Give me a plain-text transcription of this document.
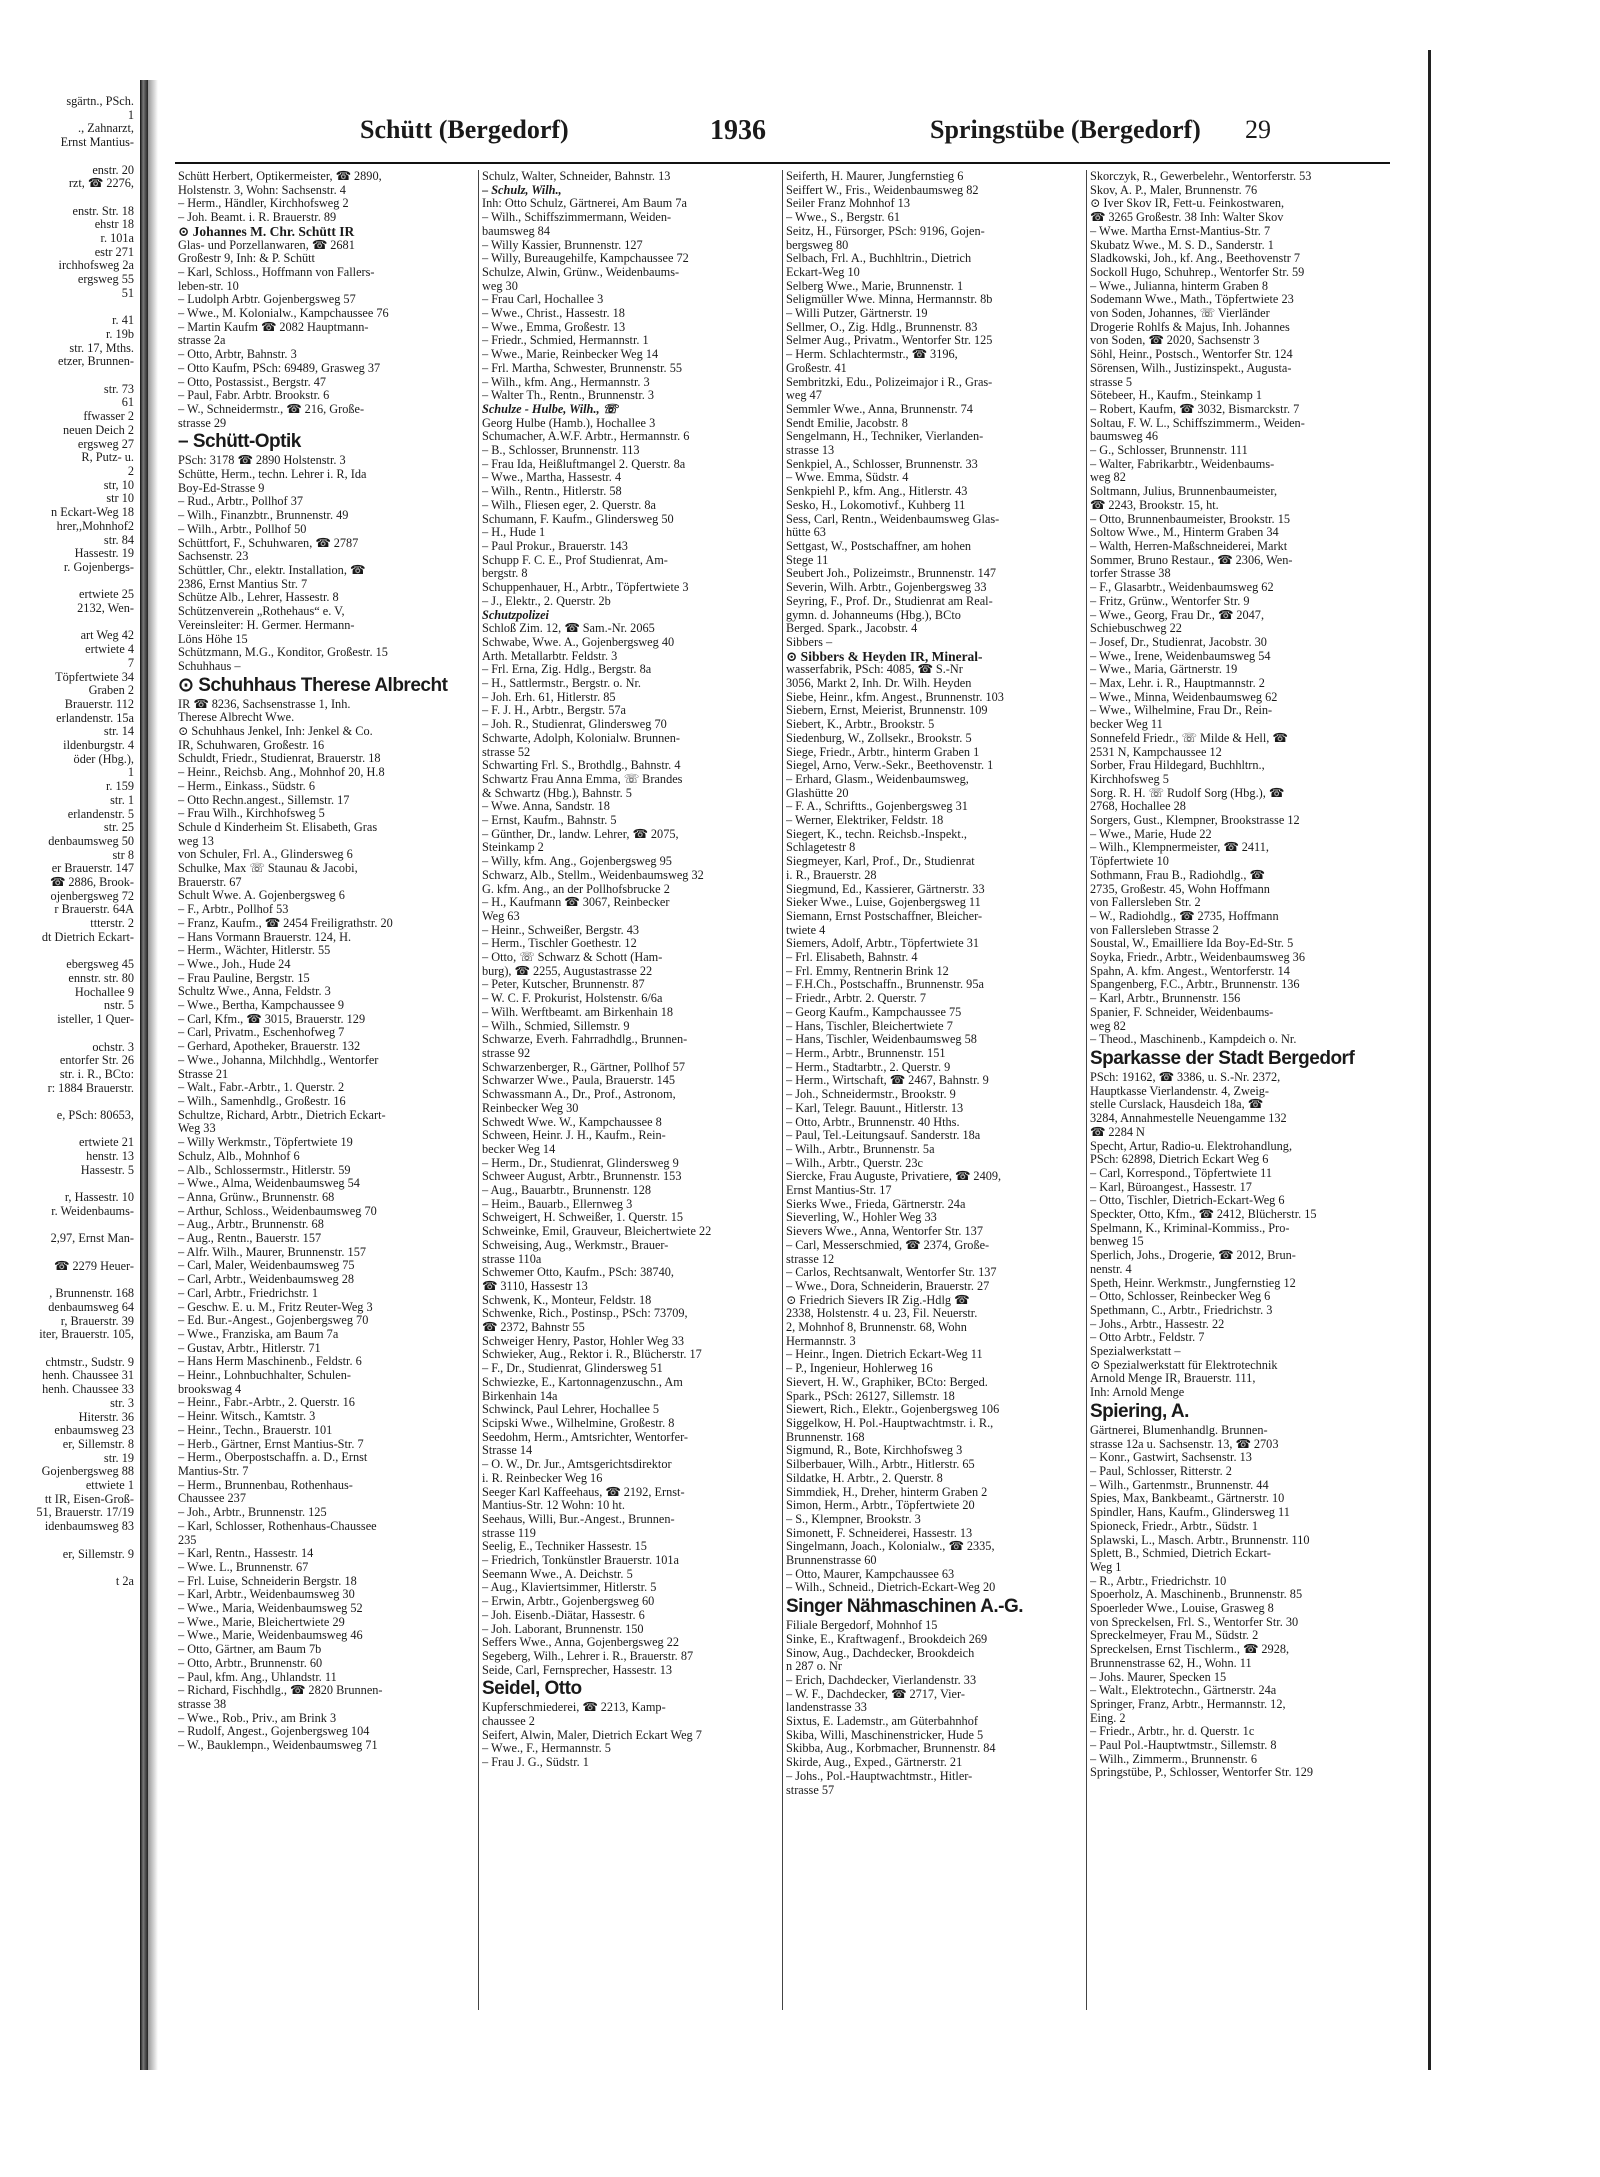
sgärtn., PSch.
1
., Zahnarzt,
Ernst Mantius-

enstr. 20
rzt, ☎ 2276,

enstr. Str. 18
ehstr 18
r. 101a
estr 271
irchhofsweg 2a
ergsweg 55
51

r. 41
r. 19b
str. 17, Mths.
etzer, Brunnen-

str. 73
61
ffwasser 2
neuen Deich 2
ergsweg 27
R, Putz- u.
2
str, 10
str 10
n Eckart-Weg 18
hrer,,Mohnhof2
str. 84
Hassestr. 19
r. Gojenbergs-

ertwiete 25
2132, Wen-

art Weg 42
ertwiete 4
7
Töpfertwiete 34
Graben 2
Brauerstr. 112
erlandenstr. 15a
str. 14
ildenburgstr. 4
öder (Hbg.),
1
r. 159
str. 1
erlandenstr. 5
str. 25
denbaumsweg 50
str 8
er Brauerstr. 147
☎ 2886, Brook-
ojenbergsweg 72
r Brauerstr. 64A
ttterstr. 2
dt Dietrich Eckart-

ebergsweg 45
ennstr. str. 80
Hochallee 9
nstr. 5
isteller, 1 Quer-

ochstr. 3
entorfer Str. 26
str. i. R., BCto:
r: 1884 Brauerstr.

e, PSch: 80653,

ertwiete 21
henstr. 13
Hassestr. 5

r, Hassestr. 10
r. Weidenbaums-

2,97, Ernst Man-

☎ 2279 Heuer-

, Brunnenstr. 168
denbaumsweg 64
r, Brauerstr. 39
iter, Brauerstr. 105,

chtmstr., Sudstr. 9
henh. Chaussee 31
henh. Chaussee 33
str. 3
Hiterstr. 36
enbaumsweg 23
er, Sillemstr. 8
str. 19
Gojenbergsweg 88
ettwiete 1
tt IR, Eisen-Groß-
51, Brauerstr. 17/19
idenbaumsweg 83

er, Sillemstr. 9

t 2a
Schütt (Bergedorf)	1936	Springstübe (Bergedorf) 29
Schütt Herbert, Optikermeister, ☎ 2890,
Holstenstr. 3, Wohn: Sachsenstr. 4
– Herm., Händler, Kirchhofsweg 2
– Joh. Beamt. i. R. Brauerstr. 89
⊙ Johannes M. Chr. Schütt IR
Glas- und Porzellanwaren, ☎ 2681
Großestr 9, Inh: & P. Schütt
– Karl, Schloss., Hoffmann von Fallers-
leben-str. 10
– Ludolph Arbtr. Gojenbergsweg 57
– Wwe., M. Kolonialw., Kampchaussee 76
– Martin Kaufm ☎ 2082 Hauptmann-
strasse 2a
– Otto, Arbtr, Bahnstr. 3
– Otto Kaufm, PSch: 69489, Grasweg 37
– Otto, Postassist., Bergstr. 47
– Paul, Fabr. Arbtr. Brookstr. 6
– W., Schneidermstr., ☎ 216, Große-
strasse 29
– Schütt-Optik
PSch: 3178 ☎ 2890 Holstenstr. 3
Schütte, Herm., techn. Lehrer i. R, Ida
Boy-Ed-Strasse 9
– Rud., Arbtr., Pollhof 37
– Wilh., Finanzbtr., Brunnenstr. 49
– Wilh., Arbtr., Pollhof 50
Schüttfort, F., Schuhwaren, ☎ 2787
Sachsenstr. 23
Schüttler, Chr., elektr. Installation, ☎
2386, Ernst Mantius Str. 7
Schütze Alb., Lehrer, Hassestr. 8
Schützenverein „Rothehaus“ e. V,
Vereinsleiter: H. Germer. Hermann-
Löns Höhe 15
Schützmann, M.G., Konditor, Großestr. 15
Schuhhaus –
⊙ Schuhhaus Therese Albrecht
IR ☎ 8236, Sachsenstrasse 1, Inh.
Therese Albrecht Wwe.
⊙ Schuhhaus Jenkel, Inh: Jenkel & Co.
IR, Schuhwaren, Großestr. 16
Schuldt, Friedr., Studienrat, Brauerstr. 18
– Heinr., Reichsb. Ang., Mohnhof 20, H.8
– Herm., Einkass., Südstr. 6
– Otto Rechn.angest., Sillemstr. 17
– Frau Wilh., Kirchhofsweg 5
Schule d Kinderheim St. Elisabeth, Gras
weg 13
von Schuler, Frl. A., Glindersweg 6
Schulke, Max ☏ Staunau & Jacobi,
Brauerstr. 67
Schult Wwe. A. Gojenbergsweg 6
– F., Arbtr., Pollhof 53
– Franz, Kaufm., ☎ 2454 Freiligrathstr. 20
– Hans Vormann Brauerstr. 124, H.
– Herm., Wächter, Hitlerstr. 55
– Wwe., Joh., Hude 24
– Frau Pauline, Bergstr. 15
Schultz Wwe., Anna, Feldstr. 3
– Wwe., Bertha, Kampchaussee 9
– Carl, Kfm., ☎ 3015, Brauerstr. 129
– Carl, Privatm., Eschenhofweg 7
– Gerhard, Apotheker, Brauerstr. 132
– Wwe., Johanna, Milchhdlg., Wentorfer
Strasse 21
– Walt., Fabr.-Arbtr., 1. Querstr. 2
– Wilh., Samenhdlg., Großestr. 16
Schultze, Richard, Arbtr., Dietrich Eckart-
Weg 33
– Willy Werkmstr., Töpfertwiete 19
Schulz, Alb., Mohnhof 6
– Alb., Schlossermstr., Hitlerstr. 59
– Wwe., Alma, Weidenbaumsweg 54
– Anna, Grünw., Brunnenstr. 68
– Arthur, Schloss., Weidenbaumsweg 70
– Aug., Arbtr., Brunnenstr. 68
– Aug., Rentn., Bauerstr. 157
– Alfr. Wilh., Maurer, Brunnenstr. 157
– Carl, Maler, Weidenbaumsweg 75
– Carl, Arbtr., Weidenbaumsweg 28
– Carl, Arbtr., Friedrichstr. 1
– Geschw. E. u. M., Fritz Reuter-Weg 3
– Ed. Bur.-Angest., Gojenbergsweg 70
– Wwe., Franziska, am Baum 7a
– Gustav, Arbtr., Hitlerstr. 71
– Hans Herm Maschinenb., Feldstr. 6
– Heinr., Lohnbuchhalter, Schulen-
brookswag 4
– Heinr., Fabr.-Arbtr., 2. Querstr. 16
– Heinr. Witsch., Kamtstr. 3
– Heinr., Techn., Brauerstr. 101
– Herb., Gärtner, Ernst Mantius-Str. 7
– Herm., Oberpostschaffn. a. D., Ernst
Mantius-Str. 7
– Herm., Brunnenbau, Rothenhaus-
Chaussee 237
– Joh., Arbtr., Brunnenstr. 125
– Karl, Schlosser, Rothenhaus-Chaussee
235
– Karl, Rentn., Hassestr. 14
– Wwe. L., Brunnenstr. 67
– Frl. Luise, Schneiderin Bergstr. 18
– Karl, Arbtr., Weidenbaumsweg 30
– Wwe., Maria, Weidenbaumsweg 52
– Wwe., Marie, Bleichertwiete 29
– Wwe., Marie, Weidenbaumsweg 46
– Otto, Gärtner, am Baum 7b
– Otto, Arbtr., Brunnenstr. 60
– Paul, kfm. Ang., Uhlandstr. 11
– Richard, Fischhdlg., ☎ 2820 Brunnen-
strasse 38
– Wwe., Rob., Priv., am Brink 3
– Rudolf, Angest., Gojenbergsweg 104
– W., Bauklempn., Weidenbaumsweg 71
Schulz, Walter, Schneider, Bahnstr. 13
– Schulz, Wilh.,
Inh: Otto Schulz, Gärtnerei, Am Baum 7a
– Wilh., Schiffszimmermann, Weiden-
baumsweg 84
– Willy Kassier, Brunnenstr. 127
– Willy, Bureaugehilfe, Kampchaussee 72
Schulze, Alwin, Grünw., Weidenbaums-
weg 30
– Frau Carl, Hochallee 3
– Wwe., Christ., Hassestr. 18
– Wwe., Emma, Großestr. 13
– Friedr., Schmied, Hermannstr. 1
– Wwe., Marie, Reinbecker Weg 14
– Frl. Martha, Schwester, Brunnenstr. 55
– Wilh., kfm. Ang., Hermannstr. 3
– Walter Th., Rentn., Brunnenstr. 3
Schulze - Hulbe, Wilh., ☏
Georg Hulbe (Hamb.), Hochallee 3
Schumacher, A.W.F. Arbtr., Hermannstr. 6
– B., Schlosser, Brunnenstr. 113
– Frau Ida, Heißluftmangel 2. Querstr. 8a
– Wwe., Martha, Hassestr. 4
– Wilh., Rentn., Hitlerstr. 58
– Wilh., Fliesen eger, 2. Querstr. 8a
Schumann, F. Kaufm., Glindersweg 50
– H., Hude 1
– Paul Prokur., Brauerstr. 143
Schupp F. C. E., Prof Studienrat, Am-
bergstr. 8
Schuppenhauer, H., Arbtr., Töpfertwiete 3
– J., Elektr., 2. Querstr. 2b
Schutzpolizei
Schloß Zim. 12, ☎ Sam.-Nr. 2065
Schwabe, Wwe. A., Gojenbergsweg 40
Arth. Metallarbtr. Feldstr. 3
– Frl. Erna, Zig. Hdlg., Bergstr. 8a
– H., Sattlermstr., Bergstr. o. Nr.
– Joh. Erh. 61, Hitlerstr. 85
– F. J. H., Arbtr., Bergstr. 57a
– Joh. R., Studienrat, Glindersweg 70
Schwarte, Adolph, Kolonialw. Brunnen-
strasse 52
Schwarting Frl. S., Brothdlg., Bahnstr. 4
Schwartz Frau Anna Emma, ☏ Brandes
& Schwartz (Hbg.), Bahnstr. 5
– Wwe. Anna, Sandstr. 18
– Ernst, Kaufm., Bahnstr. 5
– Günther, Dr., landw. Lehrer, ☎ 2075,
Steinkamp 2
– Willy, kfm. Ang., Gojenbergsweg 95
Schwarz, Alb., Stellm., Weidenbaumsweg 32
G. kfm. Ang., an der Pollhofsbrucke 2
– H., Kaufmann ☎ 3067, Reinbecker
Weg 63
– Heinr., Schweißer, Bergstr. 43
– Herm., Tischler Goethestr. 12
– Otto, ☏ Schwarz & Schott (Ham-
burg), ☎ 2255, Augustastrasse 22
– Peter, Kutscher, Brunnenstr. 87
– W. C. F. Prokurist, Holstenstr. 6/6a
– Wilh. Werftbeamt. am Birkenhain 18
– Wilh., Schmied, Sillemstr. 9
Schwarze, Everh. Fahrradhdlg., Brunnen-
strasse 92
Schwarzenberger, R., Gärtner, Pollhof 57
Schwarzer Wwe., Paula, Brauerstr. 145
Schwassmann A., Dr., Prof., Astronom,
Reinbecker Weg 30
Schwedt Wwe. W., Kampchaussee 8
Schween, Heinr. J. H., Kaufm., Rein-
becker Weg 14
– Herm., Dr., Studienrat, Glindersweg 9
Schweer August, Arbtr., Brunnenstr. 153
– Aug., Bauarbtr., Brunnenstr. 128
– Heim., Bauarb., Ellernweg 3
Schweigert, H. Schweißer, 1. Querstr. 15
Schweinke, Emil, Grauveur, Bleichertwiete 22
Schweising, Aug., Werkmstr., Brauer-
strasse 110a
Schwemer Otto, Kaufm., PSch: 38740,
☎ 3110, Hassestr 13
Schwenk, K., Monteur, Feldstr. 18
Schwenke, Rich., Postinsp., PSch: 73709,
☎ 2372, Bahnstr 55
Schweiger Henry, Pastor, Hohler Weg 33
Schwieker, Aug., Rektor i. R., Blücherstr. 17
– F., Dr., Studienrat, Glindersweg 51
Schwiezke, E., Kartonnagenzuschn., Am
Birkenhain 14a
Schwinck, Paul Lehrer, Hochallee 5
Scipski Wwe., Wilhelmine, Großestr. 8
Seedohm, Herm., Amtsrichter, Wentorfer-
Strasse 14
– O. W., Dr. Jur., Amtsgerichtsdirektor
i. R. Reinbecker Weg 16
Seeger Karl Kaffeehaus, ☎ 2192, Ernst-
Mantius-Str. 12 Wohn: 10 ht.
Seehaus, Willi, Bur.-Angest., Brunnen-
strasse 119
Seelig, E., Techniker Hassestr. 15
– Friedrich, Tonkünstler Brauerstr. 101a
Seemann Wwe., A. Deichstr. 5
– Aug., Klaviertsimmer, Hitlerstr. 5
– Erwin, Arbtr., Gojenbergsweg 60
– Joh. Eisenb.-Diätar, Hassestr. 6
– Joh. Laborant, Brunnenstr. 150
Seffers Wwe., Anna, Gojenbergsweg 22
Segeberg, Wilh., Lehrer i. R., Brauerstr. 87
Seide, Carl, Fernsprecher, Hassestr. 13
Seidel, Otto
Kupferschmiederei, ☎ 2213, Kamp-
chaussee 2
Seifert, Alwin, Maler, Dietrich Eckart Weg 7
– Wwe., F., Hermannstr. 5
– Frau J. G., Südstr. 1
Seiferth, H. Maurer, Jungfernstieg 6
Seiffert W., Fris., Weidenbaumsweg 82
Seiler Franz Mohnhof 13
– Wwe., S., Bergstr. 61
Seitz, H., Fürsorger, PSch: 9196, Gojen-
bergsweg 80
Selbach, Frl. A., Buchhltrin., Dietrich
Eckart-Weg 10
Selberg Wwe., Marie, Brunnenstr. 1
Seligmüller Wwe. Minna, Hermannstr. 8b
– Willi Putzer, Gärtnerstr. 19
Sellmer, O., Zig. Hdlg., Brunnenstr. 83
Selmer Aug., Privatm., Wentorfer Str. 125
– Herm. Schlachtermstr., ☎ 3196,
Großestr. 41
Sembritzki, Edu., Polizeimajor i R., Gras-
weg 47
Semmler Wwe., Anna, Brunnenstr. 74
Sendt Emilie, Jacobstr. 8
Sengelmann, H., Techniker, Vierlanden-
strasse 13
Senkpiel, A., Schlosser, Brunnenstr. 33
– Wwe. Emma, Südstr. 4
Senkpiehl P., kfm. Ang., Hitlerstr. 43
Sesko, H., Lokomotivf., Kuhberg 11
Sess, Carl, Rentn., Weidenbaumsweg Glas-
hütte 63
Settgast, W., Postschaffner, am hohen
Stege 11
Seubert Joh., Polizeimstr., Brunnenstr. 147
Severin, Wilh. Arbtr., Gojenbergsweg 33
Seyring, F., Prof. Dr., Studienrat am Real-
gymn. d. Johanneums (Hbg.), BCto
Berged. Spark., Jacobstr. 4
Sibbers –
⊙ Sibbers & Heyden IR, Mineral-
wasserfabrik, PSch: 4085, ☎ S.-Nr
3056, Markt 2, Inh. Dr. Wilh. Heyden
Siebe, Heinr., kfm. Angest., Brunnenstr. 103
Siebern, Ernst, Meierist, Brunnenstr. 109
Siebert, K., Arbtr., Brookstr. 5
Siedenburg, W., Zollsekr., Brookstr. 5
Siege, Friedr., Arbtr., hinterm Graben 1
Siegel, Arno, Verw.-Sekr., Beethovenstr. 1
– Erhard, Glasm., Weidenbaumsweg,
Glashütte 20
– F. A., Schriftts., Gojenbergsweg 31
– Werner, Elektriker, Feldstr. 18
Siegert, K., techn. Reichsb.-Inspekt.,
Schlagetestr 8
Siegmeyer, Karl, Prof., Dr., Studienrat
i. R., Brauerstr. 28
Siegmund, Ed., Kassierer, Gärtnerstr. 33
Sieker Wwe., Luise, Gojenbergsweg 11
Siemann, Ernst Postschaffner, Bleicher-
twiete 4
Siemers, Adolf, Arbtr., Töpfertwiete 31
– Frl. Elisabeth, Bahnstr. 4
– Frl. Emmy, Rentnerin Brink 12
– F.H.Ch., Postschaffn., Brunnenstr. 95a
– Friedr., Arbtr. 2. Querstr. 7
– Georg Kaufm., Kampchaussee 75
– Hans, Tischler, Bleichertwiete 7
– Hans, Tischler, Weidenbaumsweg 58
– Herm., Arbtr., Brunnenstr. 151
– Herm., Stadtarbtr., 2. Querstr. 9
– Herm., Wirtschaft, ☎ 2467, Bahnstr. 9
– Joh., Schneidermstr., Brookstr. 9
– Karl, Telegr. Bauunt., Hitlerstr. 13
– Otto, Arbtr., Brunnenstr. 40 Hths.
– Paul, Tel.-Leitungsauf. Sanderstr. 18a
– Wilh., Arbtr., Brunnenstr. 5a
– Wilh., Arbtr., Querstr. 23c
Siercke, Frau Auguste, Privatiere, ☎ 2409,
Ernst Mantius-Str. 17
Sierks Wwe., Frieda, Gärtnerstr. 24a
Sieverling, W., Hohler Weg 33
Sievers Wwe., Anna, Wentorfer Str. 137
– Carl, Messerschmied, ☎ 2374, Große-
strasse 12
– Carlos, Rechtsanwalt, Wentorfer Str. 137
– Wwe., Dora, Schneiderin, Brauerstr. 27
⊙ Friedrich Sievers IR Zig.-Hdlg ☎
2338, Holstenstr. 4 u. 23, Fil. Neuerstr.
2, Mohnhof 8, Brunnenstr. 68, Wohn
Hermannstr. 3
– Heinr., Ingen. Dietrich Eckart-Weg 11
– P., Ingenieur, Hohlerweg 16
Sievert, H. W., Graphiker, BCto: Berged.
Spark., PSch: 26127, Sillemstr. 18
Siewert, Rich., Elektr., Gojenbergsweg 106
Siggelkow, H. Pol.-Hauptwachtmstr. i. R.,
Brunnenstr. 168
Sigmund, R., Bote, Kirchhofsweg 3
Silberbauer, Wilh., Arbtr., Hitlerstr. 65
Sildatke, H. Arbtr., 2. Querstr. 8
Simmdiek, H., Dreher, hinterm Graben 2
Simon, Herm., Arbtr., Töpfertwiete 20
– S., Klempner, Brookstr. 3
Simonett, F. Schneiderei, Hassestr. 13
Singelmann, Joach., Kolonialw., ☎ 2335,
Brunnenstrasse 60
– Otto, Maurer, Kampchaussee 63
– Wilh., Schneid., Dietrich-Eckart-Weg 20
Singer Nähmaschinen A.-G.
Filiale Bergedorf, Mohnhof 15
Sinke, E., Kraftwagenf., Brookdeich 269
Sinow, Aug., Dachdecker, Brookdeich
n 287 o. Nr
– Erich, Dachdecker, Vierlandenstr. 33
– W. F., Dachdecker, ☎ 2717, Vier-
landenstrasse 33
Sixtus, E. Lademstr., am Güterbahnhof
Skiba, Willi, Maschinenstricker, Hude 5
Skibba, Aug., Korbmacher, Brunnenstr. 84
Skirde, Aug., Exped., Gärtnerstr. 21
– Johs., Pol.-Hauptwachtmstr., Hitler-
strasse 57
Skorczyk, R., Gewerbelehr., Wentorferstr. 53
Skov, A. P., Maler, Brunnenstr. 76
⊙ Iver Skov IR, Fett-u. Feinkostwaren,
☎ 3265 Großestr. 38 Inh: Walter Skov
– Wwe. Martha Ernst-Mantius-Str. 7
Skubatz Wwe., M. S. D., Sanderstr. 1
Sladkowski, Joh., kf. Ang., Beethovenstr 7
Sockoll Hugo, Schuhrep., Wentorfer Str. 59
– Wwe., Julianna, hinterm Graben 8
Sodemann Wwe., Math., Töpfertwiete 23
von Soden, Johannes, ☏ Vierländer
Drogerie Rohlfs & Majus, Inh. Johannes
von Soden, ☎ 2020, Sachsenstr 3
Söhl, Heinr., Postsch., Wentorfer Str. 124
Sörensen, Wilh., Justizinspekt., Augusta-
strasse 5
Sötebeer, H., Kaufm., Steinkamp 1
– Robert, Kaufm, ☎ 3032, Bismarckstr. 7
Soltau, F. W. L., Schiffszimmerm., Weiden-
baumsweg 46
– G., Schlosser, Brunnenstr. 111
– Walter, Fabrikarbtr., Weidenbaums-
weg 82
Soltmann, Julius, Brunnenbaumeister,
☎ 2243, Brookstr. 15, ht.
– Otto, Brunnenbaumeister, Brookstr. 15
Soltow Wwe., M., Hinterm Graben 34
– Walth, Herren-Maßschneiderei, Markt
Sommer, Bruno Restaur., ☎ 2306, Wen-
torfer Strasse 38
– F., Glasarbtr., Weidenbaumsweg 62
– Fritz, Grünw., Wentorfer Str. 9
– Wwe., Georg, Frau Dr., ☎ 2047,
Schiebuschweg 22
– Josef, Dr., Studienrat, Jacobstr. 30
– Wwe., Irene, Weidenbaumsweg 54
– Wwe., Maria, Gärtnerstr. 19
– Max, Lehr. i. R., Hauptmannstr. 2
– Wwe., Minna, Weidenbaumsweg 62
– Wwe., Wilhelmine, Frau Dr., Rein-
becker Weg 11
Sonnefeld Friedr., ☏ Milde & Hell, ☎
2531 N, Kampchaussee 12
Sorber, Frau Hildegard, Buchhltrn.,
Kirchhofsweg 5
Sorg. R. H. ☏ Rudolf Sorg (Hbg.), ☎
2768, Hochallee 28
Sorgers, Gust., Klempner, Brookstrasse 12
– Wwe., Marie, Hude 22
– Wilh., Klempnermeister, ☎ 2411,
Töpfertwiete 10
Sothmann, Frau B., Radiohdlg., ☎
2735, Großestr. 45, Wohn Hoffmann
von Fallersleben Str. 2
– W., Radiohdlg., ☎ 2735, Hoffmann
von Fallersleben Strasse 2
Soustal, W., Emailliere Ida Boy-Ed-Str. 5
Soyka, Friedr., Arbtr., Weidenbaumsweg 36
Spahn, A. kfm. Angest., Wentorferstr. 14
Spangenberg, F.C., Arbtr., Brunnenstr. 136
– Karl, Arbtr., Brunnenstr. 156
Spanier, F. Schneider, Weidenbaums-
weg 82
– Theod., Maschinenb., Kampdeich o. Nr.
Sparkasse der Stadt Bergedorf
PSch: 19162, ☎ 3386, u. S.-Nr. 2372,
Hauptkasse Vierlandenstr. 4, Zweig-
stelle Curslack, Hausdeich 18a, ☎
3284, Annahmestelle Neuengamme 132
☎ 2284 N
Specht, Artur, Radio-u. Elektrohandlung,
PSch: 62898, Dietrich Eckart Weg 6
– Carl, Korrespond., Töpfertwiete 11
– Karl, Büroangest., Hassestr. 17
– Otto, Tischler, Dietrich-Eckart-Weg 6
Speckter, Otto, Kfm., ☎ 2412, Blücherstr. 15
Spelmann, K., Kriminal-Kommiss., Pro-
benweg 15
Sperlich, Johs., Drogerie, ☎ 2012, Brun-
nenstr. 4
Speth, Heinr. Werkmstr., Jungfernstieg 12
– Otto, Schlosser, Reinbecker Weg 6
Spethmann, C., Arbtr., Friedrichstr. 3
– Johs., Arbtr., Hassestr. 22
– Otto Arbtr., Feldstr. 7
Spezialwerkstatt –
⊙ Spezialwerkstatt für Elektrotechnik
Arnold Menge IR, Brauerstr. 111,
Inh: Arnold Menge
Spiering, A.
Gärtnerei, Blumenhandlg. Brunnen-
strasse 12a u. Sachsenstr. 13, ☎ 2703
– Konr., Gastwirt, Sachsenstr. 13
– Paul, Schlosser, Ritterstr. 2
– Wilh., Gartenmstr., Brunnenstr. 44
Spies, Max, Bankbeamt., Gärtnerstr. 10
Spindler, Hans, Kaufm., Glindersweg 11
Spioneck, Friedr., Arbtr., Südstr. 1
Splawski, L., Masch. Arbtr., Brunnenstr. 110
Splett, B., Schmied, Dietrich Eckart-
Weg 1
– R., Arbtr., Friedrichstr. 10
Spoerholz, A. Maschinenb., Brunnenstr. 85
Spoerleder Wwe., Louise, Grasweg 8
von Spreckelsen, Frl. S., Wentorfer Str. 30
Spreckelmeyer, Frau M., Südstr. 2
Spreckelsen, Ernst Tischlerm., ☎ 2928,
Brunnenstrasse 62, H., Wohn. 11
– Johs. Maurer, Specken 15
– Walt., Elektrotechn., Gärtnerstr. 24a
Springer, Franz, Arbtr., Hermannstr. 12,
Eing. 2
– Friedr., Arbtr., hr. d. Querstr. 1c
– Paul Pol.-Hauptwtmstr., Sillemstr. 8
– Wilh., Zimmerm., Brunnenstr. 6
Springstübe, P., Schlosser, Wentorfer Str. 129
